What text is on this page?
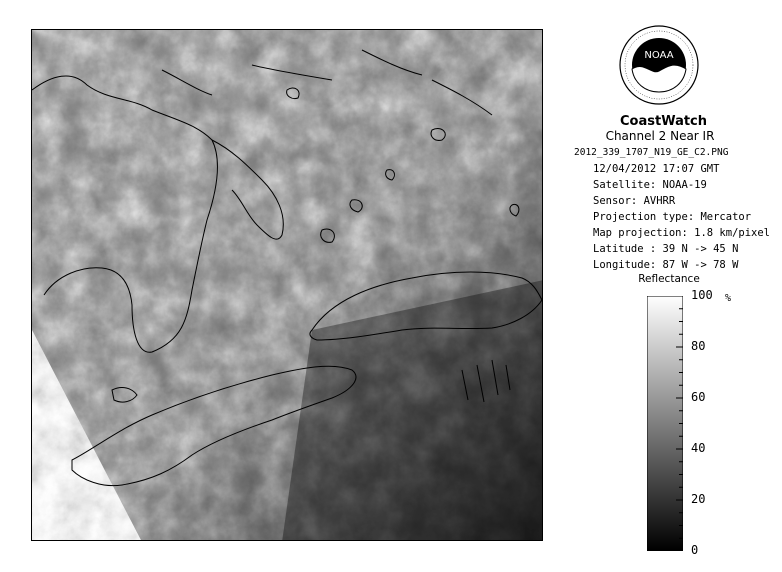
NOAA
CoastWatch
Channel 2 Near IR
2012_339_1707_N19_GE_C2.PNG
12/04/2012 17:07 GMT
Satellite: NOAA-19
Sensor: AVHRR
Projection type: Mercator
Map projection: 1.8 km/pixel
Latitude : 39 N -> 45 N
Longitude: 87 W -> 78 W
Reflectance
%
100
80
60
40
20
0
